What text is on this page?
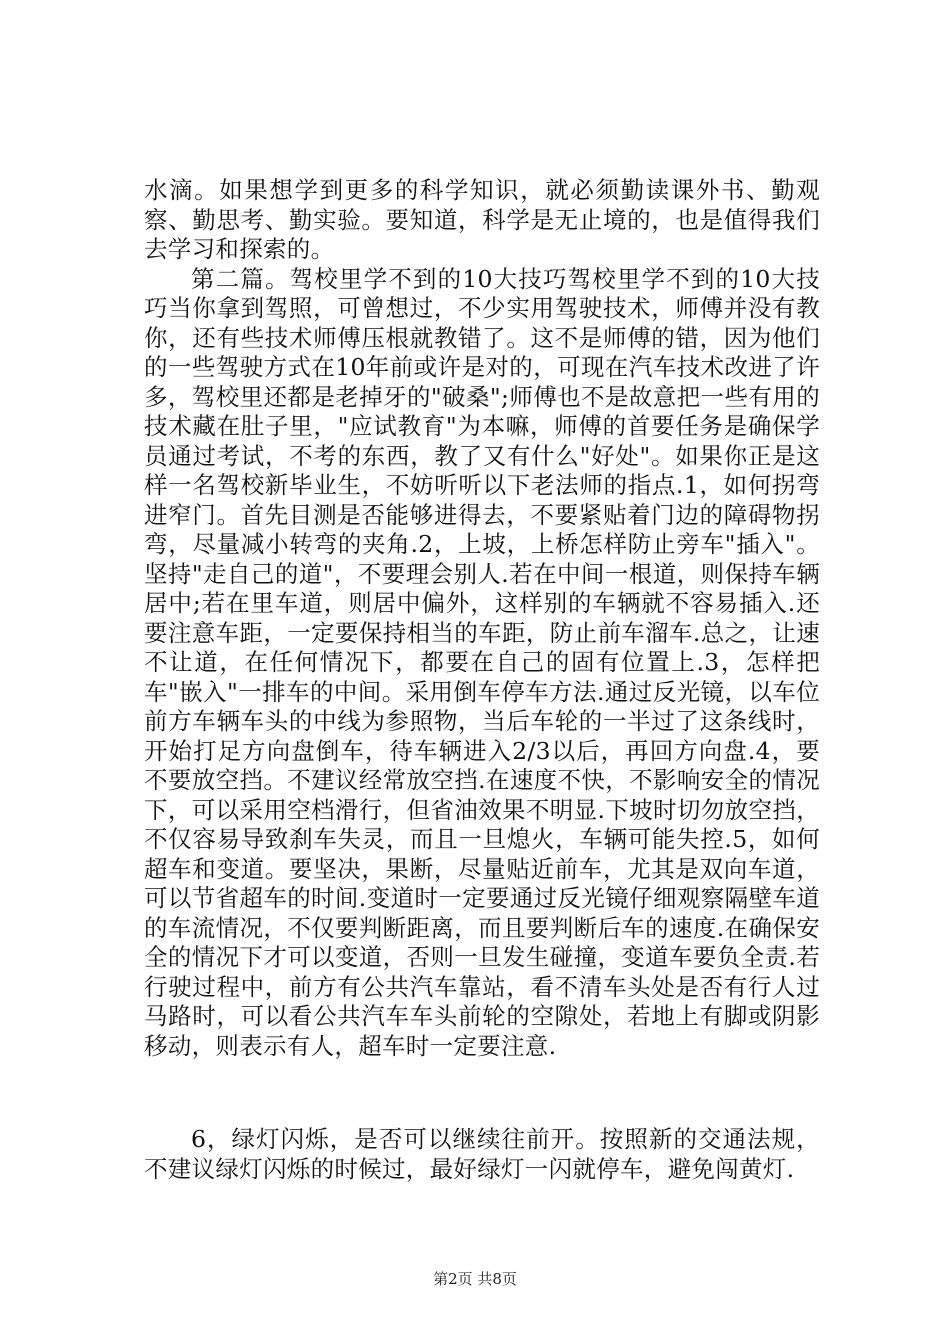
水滴。如果想学到更多的科学知识，就必须勤读课外书、勤观察、勤思考、勤实验。要知道，科学是无止境的，也是值得我们去学习和探索的。
第二篇。驾校里学不到的10大技巧驾校里学不到的10大技巧当你拿到驾照，可曾想过，不少实用驾驶技术，师傅并没有教你，还有些技术师傅压根就教错了。这不是师傅的错，因为他们的一些驾驶方式在10年前或许是对的，可现在汽车技术改进了许多，驾校里还都是老掉牙的"破桑";师傅也不是故意把一些有用的技术藏在肚子里，"应试教育"为本嘛，师傅的首要任务是确保学员通过考试，不考的东西，教了又有什么"好处"。如果你正是这样一名驾校新毕业生，不妨听听以下老法师的指点.1，如何拐弯进窄门。首先目测是否能够进得去，不要紧贴着门边的障碍物拐弯，尽量减小转弯的夹角.2，上坡，上桥怎样防止旁车"插入"。坚持"走自己的道"，不要理会别人.若在中间一根道，则保持车辆居中;若在里车道，则居中偏外，这样别的车辆就不容易插入.还要注意车距，一定要保持相当的车距，防止前车溜车.总之，让速不让道，在任何情况下，都要在自己的固有位置上.3，怎样把车"嵌入"一排车的中间。采用倒车停车方法.通过反光镜，以车位前方车辆车头的中线为参照物，当后车轮的一半过了这条线时，开始打足方向盘倒车，待车辆进入2/3以后，再回方向盘.4，要不要放空挡。不建议经常放空挡.在速度不快，不影响安全的情况下，可以采用空档滑行，但省油效果不明显.下坡时切勿放空挡，不仅容易导致刹车失灵，而且一旦熄火，车辆可能失控.5，如何超车和变道。要坚决，果断，尽量贴近前车，尤其是双向车道，可以节省超车的时间.变道时一定要通过反光镜仔细观察隔壁车道的车流情况，不仅要判断距离，而且要判断后车的速度.在确保安全的情况下才可以变道，否则一旦发生碰撞，变道车要负全责.若行驶过程中，前方有公共汽车靠站，看不清车头处是否有行人过马路时，可以看公共汽车车头前轮的空隙处，若地上有脚或阴影移动，则表示有人，超车时一定要注意.
6，绿灯闪烁，是否可以继续往前开。按照新的交通法规，不建议绿灯闪烁的时候过，最好绿灯一闪就停车，避免闯黄灯.
第2页 共8页
